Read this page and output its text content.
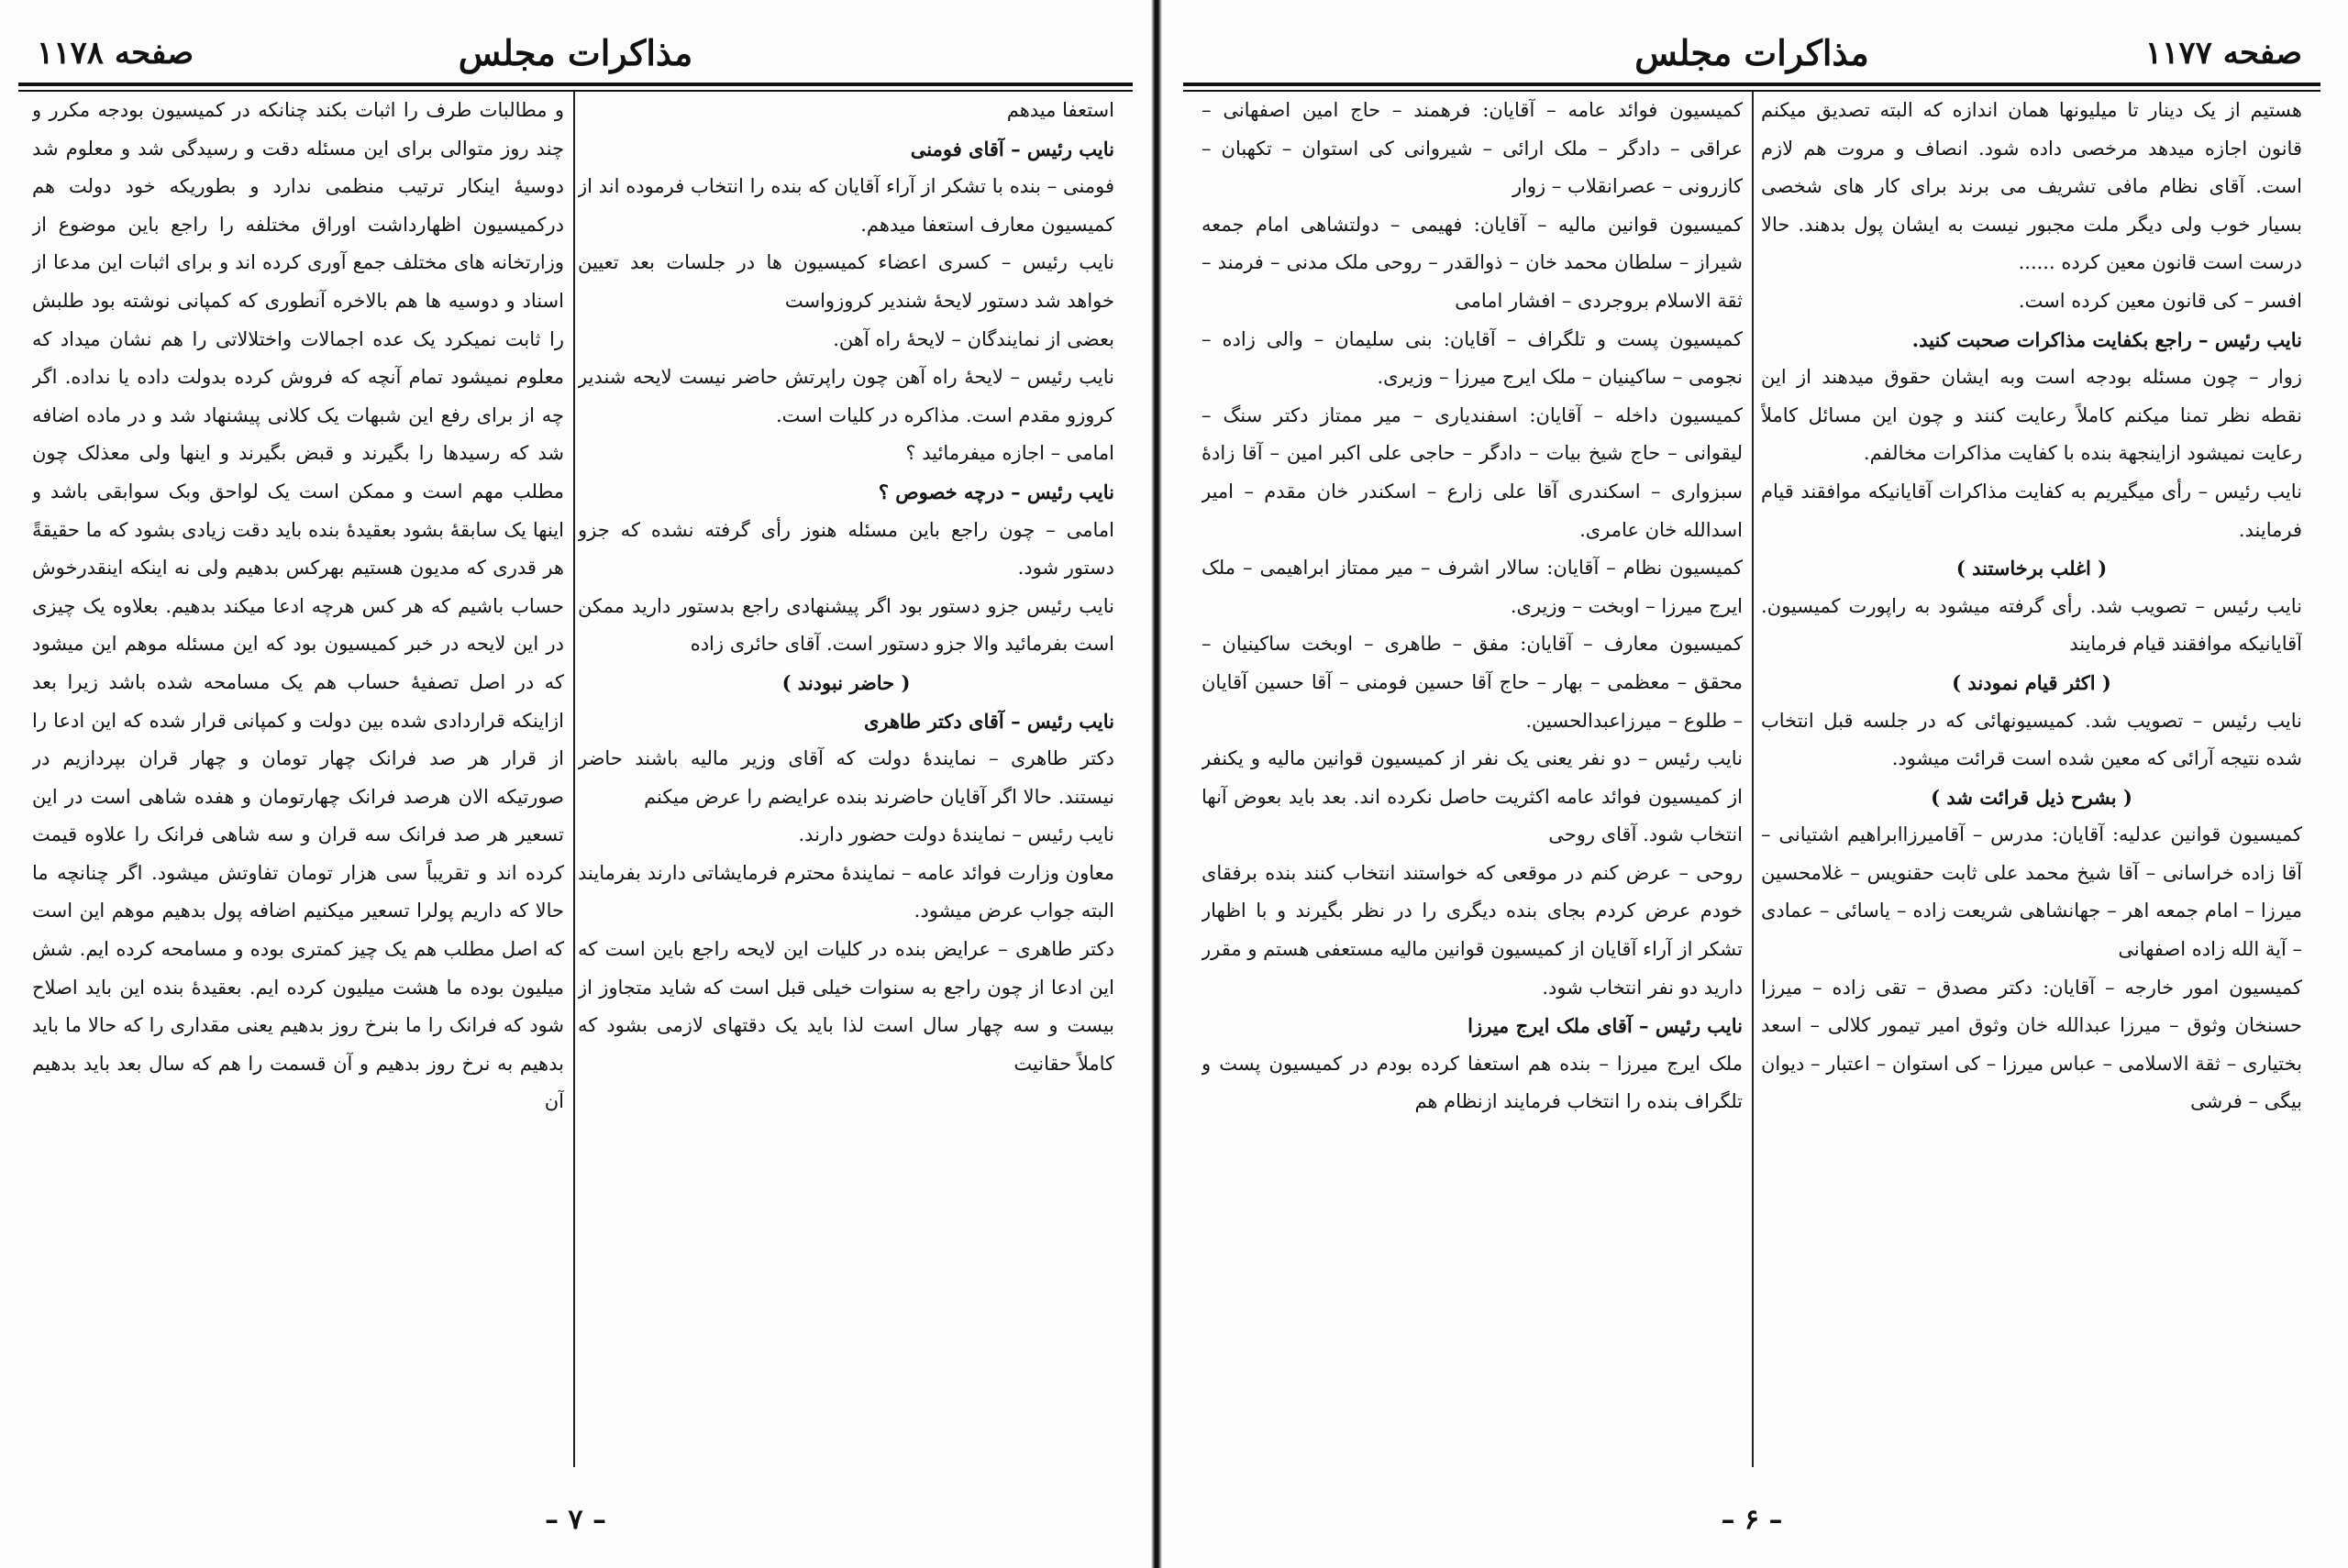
مذاکرات مجلس
صفحه ۱۱۷۸

استعفا میدهم

نایب رئیس – آقای فومنی

فومنی – بنده با تشکر از آراء آقایان که بنده را انتخاب فرموده اند از کمیسیون معارف استعفا میدهم.

نایب رئیس – کسری اعضاء کمیسیون ها در جلسات بعد تعیین خواهد شد دستور لایحهٔ شندیر کروزواست

بعضی از نمایندگان – لایحهٔ راه آهن.

نایب رئیس – لایحهٔ راه آهن چون راپرتش حاضر نیست لایحه شندیر کروزو مقدم است. مذاکره در کلیات است.

امامی – اجازه میفرمائید ؟

نایب رئیس – درچه خصوص ؟

امامی – چون راجع باین مسئله هنوز رأی گرفته نشده که جزو دستور شود.

نایب رئیس جزو دستور بود اگر پیشنهادی راجع بدستور دارید ممکن است بفرمائید والا جزو دستور است. آقای حائری زاده

( حاضر نبودند )

نایب رئیس – آقای دکتر طاهری

دکتر طاهری – نمایندهٔ دولت که آقای وزیر مالیه باشند حاضر نیستند. حالا اگر آقایان حاضرند بنده عرایضم را عرض میکنم

نایب رئیس – نمایندهٔ دولت حضور دارند.

معاون وزارت فوائد عامه – نمایندهٔ محترم فرمایشاتی دارند بفرمایند البته جواب عرض میشود.

دکتر طاهری – عرایض بنده در کلیات این لایحه راجع باین است که این ادعا از چون راجع به سنوات خیلی قبل است که شاید متجاوز از بیست و سه چهار سال است لذا باید یک دقتهای لازمی بشود که کاملاً حقانیت

و مطالبات طرف را اثبات بکند چنانکه در کمیسیون بودجه مکرر و چند روز متوالی برای این مسئله دقت و رسیدگی شد و معلوم شد دوسیهٔ اینکار ترتیب منظمی ندارد و بطوریکه خود دولت هم درکمیسیون اظهارداشت اوراق مختلفه را راجع باین موضوع از وزارتخانه های مختلف جمع آوری کرده اند و برای اثبات این مدعا از اسناد و دوسیه ها هم بالاخره آنطوری که کمپانی نوشته بود طلبش را ثابت نمیکرد یک عده اجمالات واختلالاتی را هم نشان میداد که معلوم نمیشود تمام آنچه که فروش کرده بدولت داده یا نداده. اگر چه از برای رفع این شبهات یک کلانی پیشنهاد شد و در ماده اضافه شد که رسیدها را بگیرند و قبض بگیرند و اینها ولی معذلک چون مطلب مهم است و ممکن است یک لواحق وبک سوابقی باشد و اینها یک سابقهٔ بشود بعقیدهٔ بنده باید دقت زیادی بشود که ما حقیقةً هر قدری که مدیون هستیم بهرکس بدهیم ولی نه اینکه اینقدرخوش حساب باشیم که هر کس هرچه ادعا میکند بدهیم. بعلاوه یک چیزی در این لایحه در خبر کمیسیون بود که این مسئله موهم این میشود که در اصل تصفیهٔ حساب هم یک مسامحه شده باشد زیرا بعد ازاینکه قراردادی شده بین دولت و کمپانی قرار شده که این ادعا را از قرار هر صد فرانک چهار تومان و چهار قران بپردازیم در صورتیکه الان هرصد فرانک چهارتومان و هفده شاهی است در این تسعیر هر صد فرانک سه قران و سه شاهی فرانک را علاوه قیمت کرده اند و تقریباً سی هزار تومان تفاوتش میشود. اگر چنانچه ما حالا که داریم پولرا تسعیر میکنیم اضافه پول بدهیم موهم این است که اصل مطلب هم یک چیز کمتری بوده و مسامحه کرده ایم. شش میلیون بوده ما هشت میلیون کرده ایم. بعقیدهٔ بنده این باید اصلاح شود که فرانک را ما بنرخ روز بدهیم یعنی مقداری را که حالا ما باید بدهیم به نرخ روز بدهیم و آن قسمت را هم که سال بعد باید بدهیم آن

– ۷ –
مذاکرات مجلس	صفحه ۱۱۷۷

هستیم از یک دینار تا میلیونها همان اندازه که البته تصدیق میکنم قانون اجازه میدهد مرخصی داده شود. انصاف و مروت هم لازم است. آقای نظام مافی تشریف می برند برای کار های شخصی بسیار خوب ولی دیگر ملت مجبور نیست به ایشان پول بدهند. حالا درست است قانون معین کرده ......

افسر – کی قانون معین کرده است.

نایب رئیس – راجع بکفایت مذاکرات صحبت کنید.

زوار – چون مسئله بودجه است وبه ایشان حقوق میدهند از این نقطه نظر تمنا میکنم کاملاً رعایت کنند و چون این مسائل کاملاً رعایت نمیشود ازاینجهة بنده با کفایت مذاکرات مخالفم.

نایب رئیس – رأی میگیریم به کفایت مذاکرات آقایانیکه موافقند قیام فرمایند.

( اغلب برخاستند )

نایب رئیس – تصویب شد. رأی گرفته میشود به راپورت کمیسیون. آقایانیکه موافقند قیام فرمایند

( اکثر قیام نمودند )

نایب رئیس – تصویب شد. کمیسیونهائی که در جلسه قبل انتخاب شده نتیجه آرائی که معین شده است قرائت میشود.

( بشرح ذیل قرائت شد )

کمیسیون قوانین عدلیه: آقایان: مدرس – آقامیرزاابراهیم اشتیانی – آقا زاده خراسانی – آقا شیخ محمد علی ثابت حقنویس – غلامحسین میرزا – امام جمعه اهر – جهانشاهی شریعت زاده – یاسائی – عمادی – آیة الله زاده اصفهانی

کمیسیون امور خارجه – آقایان: دکتر مصدق – تقی زاده – میرزا حسنخان وثوق – میرزا عبدالله خان وثوق امیر تیمور کلالی – اسعد بختیاری – ثقة الاسلامی – عباس میرزا – کی استوان – اعتبار – دیوان بیگی – فرشی

کمیسیون فوائد عامه – آقایان: فرهمند – حاج امین اصفهانی – عراقی – دادگر – ملک ارائی – شیروانی کی استوان – تکهبان – کازرونی – عصرانقلاب – زوار

کمیسیون قوانین مالیه – آقایان: فهیمی – دولتشاهی امام جمعه شیراز – سلطان محمد خان – ذوالقدر – روحی ملک مدنی – فرمند – ثقة الاسلام بروجردی – افشار امامی

کمیسیون پست و تلگراف – آقایان: بنی سلیمان – والی زاده – نجومی – ساکینیان – ملک ایرج میرزا – وزیری.

کمیسیون داخله – آقایان: اسفندیاری – میر ممتاز دکتر سنگ – لیقوانی – حاج شیخ بیات – دادگر – حاجی علی اکبر امین – آقا زادهٔ سبزواری – اسکندری آقا علی زارع – اسکندر خان مقدم – امیر اسدالله خان عامری.

کمیسیون نظام – آقایان: سالار اشرف – میر ممتاز ابراهیمی – ملک ایرج میرزا – اوبخت – وزیری.

کمیسیون معارف – آقایان: مفق – طاهری – اوبخت ساکینیان – محقق – معظمی – بهار – حاج آقا حسین فومنی – آقا حسین آقایان – طلوع – میرزاعبدالحسین.

نایب رئیس – دو نفر یعنی یک نفر از کمیسیون قوانین مالیه و یکنفر از کمیسیون فوائد عامه اکثریت حاصل نکرده اند. بعد باید بعوض آنها انتخاب شود. آقای روحی

روحی – عرض کنم در موقعی که خواستند انتخاب کنند بنده برفقای خودم عرض کردم بجای بنده دیگری را در نظر بگیرند و با اظهار تشکر از آراء آقایان از کمیسیون قوانین مالیه مستعفی هستم و مقرر دارید دو نفر انتخاب شود.

نایب رئیس – آقای ملک ایرج میرزا

ملک ایرج میرزا – بنده هم استعفا کرده بودم در کمیسیون پست و تلگراف بنده را انتخاب فرمایند ازنظام هم

– ۶ –
